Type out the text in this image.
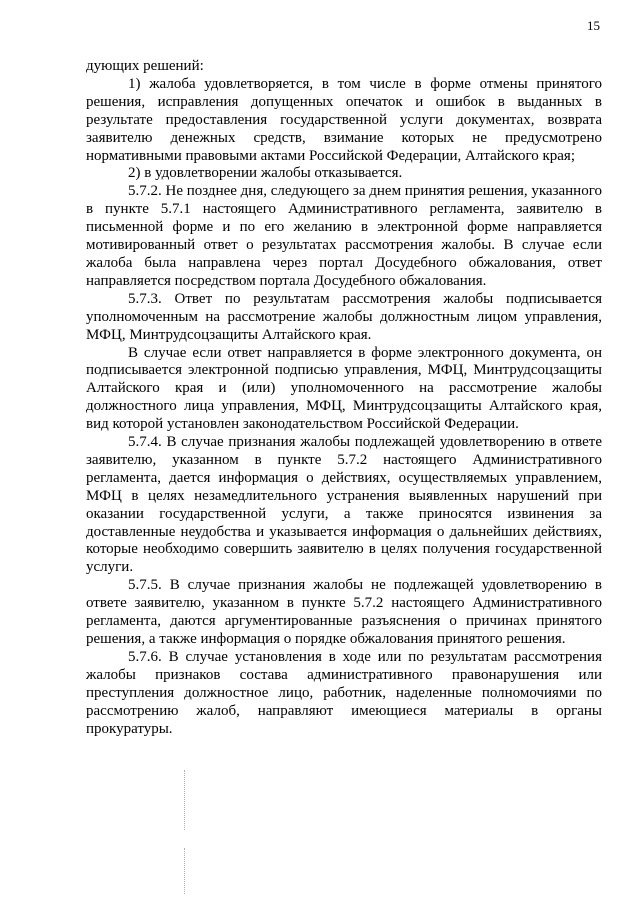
15

дующих решений:

1) жалоба удовлетворяется, в том числе в форме отмены принятого решения, исправления допущенных опечаток и ошибок в выданных в результате предоставления государственной услуги документах, возврата заявителю денежных средств, взимание которых не предусмотрено нормативными правовыми актами Российской Федерации, Алтайского края;

2) в удовлетворении жалобы отказывается.

5.7.2. Не позднее дня, следующего за днем принятия решения, указанного в пункте 5.7.1 настоящего Административного регламента, заявителю в письменной форме и по его желанию в электронной форме направляется мотивированный ответ о результатах рассмотрения жалобы. В случае если жалоба была направлена через портал Досудебного обжалования, ответ направляется посредством портала Досудебного обжалования.

5.7.3. Ответ по результатам рассмотрения жалобы подписывается уполномоченным на рассмотрение жалобы должностным лицом управления, МФЦ, Минтрудсоцзащиты Алтайского края.

В случае если ответ направляется в форме электронного документа, он подписывается электронной подписью управления, МФЦ, Минтрудсоцзащиты Алтайского края и (или) уполномоченного на рассмотрение жалобы должностного лица управления, МФЦ, Минтрудсоцзащиты Алтайского края, вид которой установлен законодательством Российской Федерации.

5.7.4. В случае признания жалобы подлежащей удовлетворению в ответе заявителю, указанном в пункте 5.7.2 настоящего Административного регламента, дается информация о действиях, осуществляемых управлением, МФЦ в целях незамедлительного устранения выявленных нарушений при оказании государственной услуги, а также приносятся извинения за доставленные неудобства и указывается информация о дальнейших действиях, которые необходимо совершить заявителю в целях получения государственной услуги.

5.7.5. В случае признания жалобы не подлежащей удовлетворению в ответе заявителю, указанном в пункте 5.7.2 настоящего Административного регламента, даются аргументированные разъяснения о причинах принятого решения, а также информация о порядке обжалования принятого решения.

5.7.6. В случае установления в ходе или по результатам рассмотрения жалобы признаков состава административного правонарушения или преступления должностное лицо, работник, наделенные полномочиями по рассмотрению жалоб, направляют имеющиеся материалы в органы прокуратуры.
